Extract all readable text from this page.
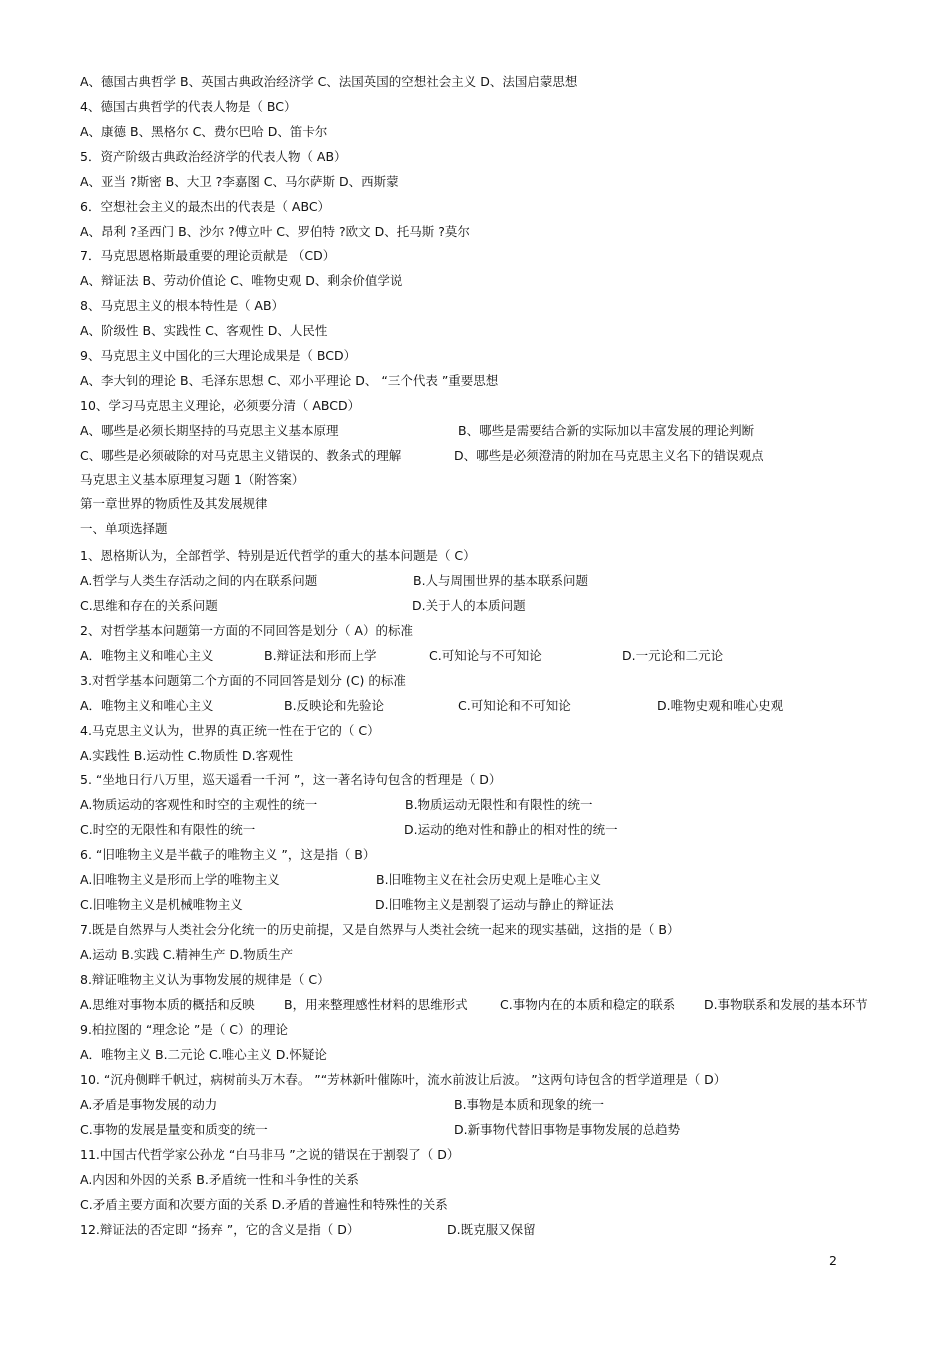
A、德国古典哲学 B、英国古典政治经济学 C、法国英国的空想社会主义 D、法国启蒙思想
4、德国古典哲学的代表人物是（ BC）
A、康德 B、黑格尔 C、费尔巴哈 D、笛卡尔
5．资产阶级古典政治经济学的代表人物（ AB）
A、亚当 ?斯密 B、大卫 ?李嘉图 C、马尔萨斯 D、西斯蒙
6．空想社会主义的最杰出的代表是（ ABC）
A、昂利 ?圣西门 B、沙尔 ?傅立叶 C、罗伯特 ?欧文 D、托马斯 ?莫尔
7．马克思恩格斯最重要的理论贡献是 （CD）
A、辩证法 B、劳动价值论 C、唯物史观 D、剩余价值学说
8、马克思主义的根本特性是（ AB）
A、阶级性 B、实践性 C、客观性 D、人民性
9、马克思主义中国化的三大理论成果是（ BCD）
A、李大钊的理论 B、毛泽东思想 C、邓小平理论 D、 “三个代表 ”重要思想
10、学习马克思主义理论，必须要分清（ ABCD）
A、哪些是必须长期坚持的马克思主义基本原理	B、哪些是需要结合新的实际加以丰富发展的理论判断
C、哪些是必须破除的对马克思主义错误的、教条式的理解	D、哪些是必须澄清的附加在马克思主义名下的错误观点
马克思主义基本原理复习题 1（附答案）
第一章世界的物质性及其发展规律
一、单项选择题
1、恩格斯认为，全部哲学、特别是近代哲学的重大的基本问题是（ C）
A.哲学与人类生存活动之间的内在联系问题	B.人与周围世界的基本联系问题
C.思维和存在的关系问题	D.关于人的本质问题
2、对哲学基本问题第一方面的不同回答是划分（ A）的标准
A．唯物主义和唯心主义	B.辩证法和形而上学	C.可知论与不可知论	D.一元论和二元论
3.对哲学基本问题第二个方面的不同回答是划分 (C) 的标准
A．唯物主义和唯心主义	B.反映论和先验论	C.可知论和不可知论	D.唯物史观和唯心史观
4.马克思主义认为，世界的真正统一性在于它的（ C）
A.实践性 B.运动性 C.物质性 D.客观性
5. “坐地日行八万里，巡天遥看一千河 ”，这一著名诗句包含的哲理是（ D）
A.物质运动的客观性和时空的主观性的统一	B.物质运动无限性和有限性的统一
C.时空的无限性和有限性的统一	D.运动的绝对性和静止的相对性的统一
6. “旧唯物主义是半截子的唯物主义 ”，这是指（ B）
A.旧唯物主义是形而上学的唯物主义	B.旧唯物主义在社会历史观上是唯心主义
C.旧唯物主义是机械唯物主义	D.旧唯物主义是割裂了运动与静止的辩证法
7.既是自然界与人类社会分化统一的历史前提，又是自然界与人类社会统一起来的现实基础，这指的是（ B）
A.运动 B.实践 C.精神生产 D.物质生产
8.辩证唯物主义认为事物发展的规律是（ C）
A.思维对事物本质的概括和反映 B，用来整理感性材料的思维形式	C.事物内在的本质和稳定的联系 D.事物联系和发展的基本环节
9.柏拉图的 “理念论 ”是（ C）的理论
A．唯物主义 B.二元论 C.唯心主义 D.怀疑论
10. “沉舟侧畔千帆过，病树前头万木春。 ”“芳林新叶催陈叶，流水前波让后波。 ”这两句诗包含的哲学道理是（ D）
A.矛盾是事物发展的动力	B.事物是本质和现象的统一
C.事物的发展是量变和质变的统一	D.新事物代替旧事物是事物发展的总趋势
11.中国古代哲学家公孙龙 “白马非马 ”之说的错误在于割裂了（ D）
A.内因和外因的关系 B.矛盾统一性和斗争性的关系
C.矛盾主要方面和次要方面的关系 D.矛盾的普遍性和特殊性的关系
12.辩证法的否定即 “扬弃 ”，它的含义是指（ D）	D.既克服又保留
2
